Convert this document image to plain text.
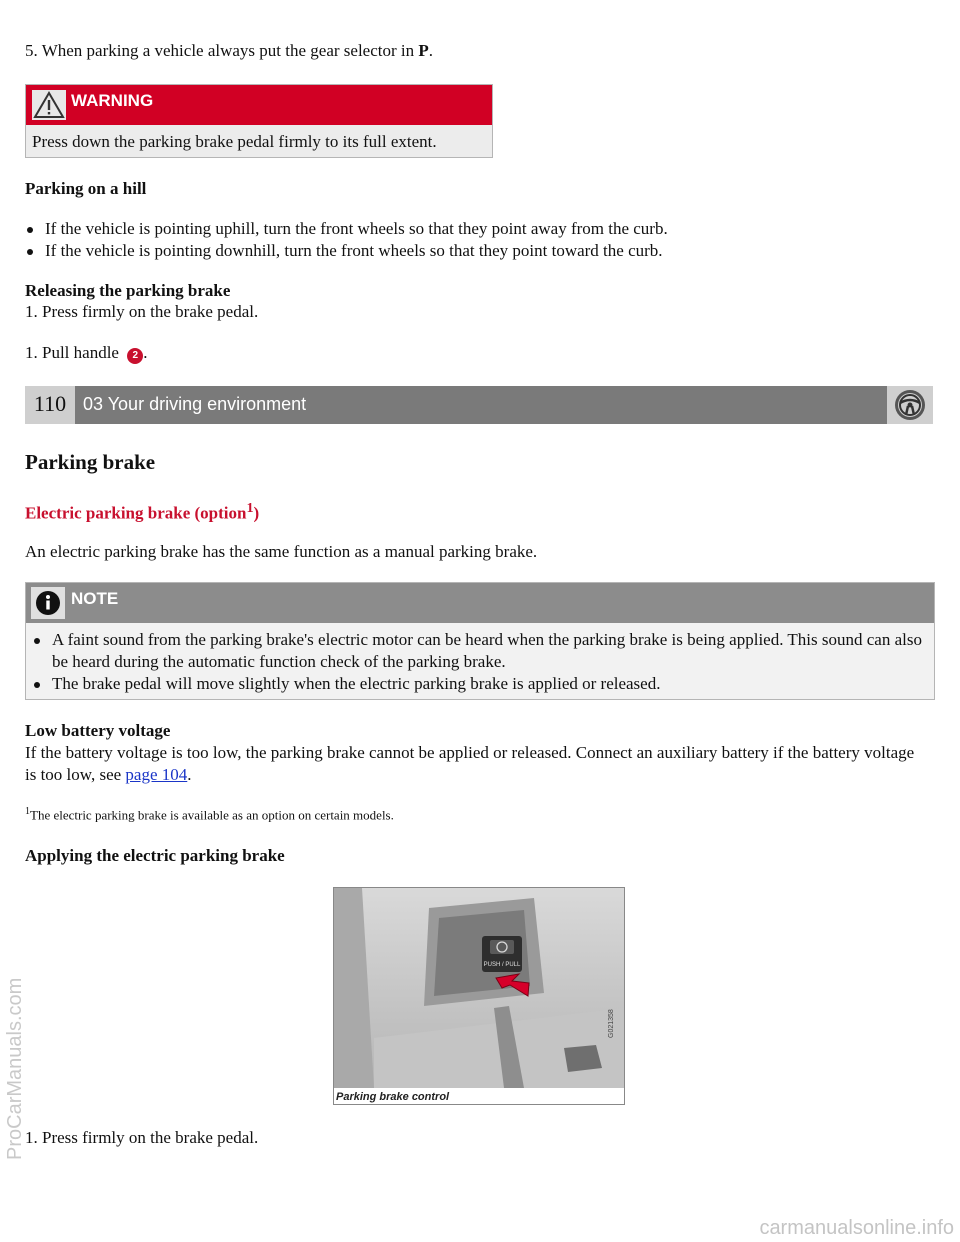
5. When parking a vehicle always put the gear selector in P.

WARNING
Press down the parking brake pedal firmly to its full extent.

Parking on a hill

If the vehicle is pointing uphill, turn the front wheels so that they point away from the curb.
If the vehicle is pointing downhill, turn the front wheels so that they point toward the curb.

Releasing the parking brake

1. Press firmly on the brake pedal.

1. Pull handle 2 .

110 03 Your driving environment
Parking brake

Electric parking brake (option$^1$)

An electric parking brake has the same function as a manual parking brake.

NOTE
A faint sound from the parking brake's electric motor can be heard when the parking brake is being applied. This sound can also be heard during the automatic function check of the parking brake.
The brake pedal will move slightly when the electric parking brake is applied or released.

Low battery voltage

If the battery voltage is too low, the parking brake cannot be applied or released. Connect an auxiliary battery if the battery voltage is too low, see page 104.

$^1$The electric parking brake is available as an option on certain models.

Applying the electric parking brake

PUSH / PULL
G021358
Parking brake control

1. Press firmly on the brake pedal.

ProCarManuals.com
carmanualsonline.info
